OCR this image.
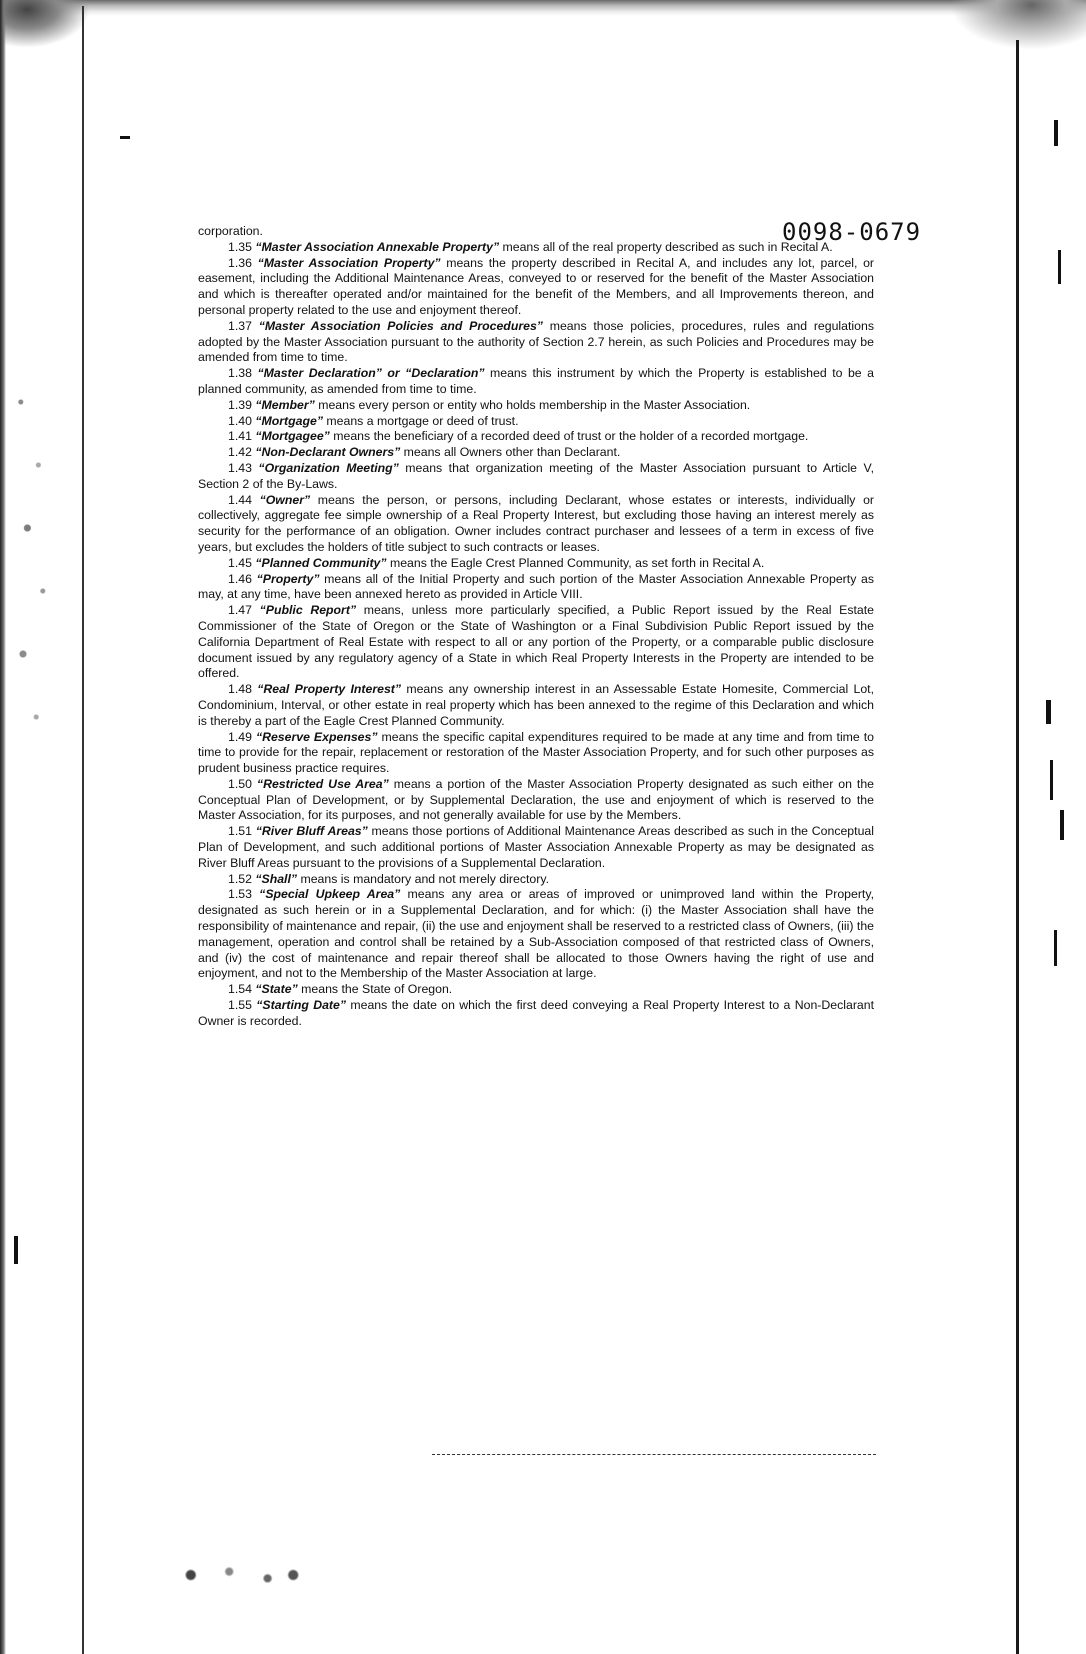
0098-0679

corporation.

1.35 “Master Association Annexable Property” means all of the real property described as such in Recital A.

1.36 “Master Association Property” means the property described in Recital A, and includes any lot, parcel, or easement, including the Additional Maintenance Areas, conveyed to or reserved for the benefit of the Master Association and which is thereafter operated and/or maintained for the benefit of the Members, and all Improvements thereon, and personal property related to the use and enjoyment thereof.

1.37 “Master Association Policies and Procedures” means those policies, procedures, rules and regulations adopted by the Master Association pursuant to the authority of Section 2.7 herein, as such Policies and Procedures may be amended from time to time.

1.38 “Master Declaration” or “Declaration” means this instrument by which the Property is established to be a planned community, as amended from time to time.

1.39 “Member” means every person or entity who holds membership in the Master Association.

1.40 “Mortgage” means a mortgage or deed of trust.

1.41 “Mortgagee” means the beneficiary of a recorded deed of trust or the holder of a recorded mortgage.

1.42 “Non-Declarant Owners” means all Owners other than Declarant.

1.43 “Organization Meeting” means that organization meeting of the Master Association pursuant to Article V, Section 2 of the By-Laws.

1.44 “Owner” means the person, or persons, including Declarant, whose estates or interests, individually or collectively, aggregate fee simple ownership of a Real Property Interest, but excluding those having an interest merely as security for the performance of an obligation. Owner includes contract purchaser and lessees of a term in excess of five years, but excludes the holders of title subject to such contracts or leases.

1.45 “Planned Community” means the Eagle Crest Planned Community, as set forth in Recital A.

1.46 “Property” means all of the Initial Property and such portion of the Master Association Annexable Property as may, at any time, have been annexed hereto as provided in Article VIII.

1.47 “Public Report” means, unless more particularly specified, a Public Report issued by the Real Estate Commissioner of the State of Oregon or the State of Washington or a Final Subdivision Public Report issued by the California Department of Real Estate with respect to all or any portion of the Property, or a comparable public disclosure document issued by any regulatory agency of a State in which Real Property Interests in the Property are intended to be offered.

1.48 “Real Property Interest” means any ownership interest in an Assessable Estate Homesite, Commercial Lot, Condominium, Interval, or other estate in real property which has been annexed to the regime of this Declaration and which is thereby a part of the Eagle Crest Planned Community.

1.49 “Reserve Expenses” means the specific capital expenditures required to be made at any time and from time to time to provide for the repair, replacement or restoration of the Master Association Property, and for such other purposes as prudent business practice requires.

1.50 “Restricted Use Area” means a portion of the Master Association Property designated as such either on the Conceptual Plan of Development, or by Supplemental Declaration, the use and enjoyment of which is reserved to the Master Association, for its purposes, and not generally available for use by the Members.

1.51 “River Bluff Areas” means those portions of Additional Maintenance Areas described as such in the Conceptual Plan of Development, and such additional portions of Master Association Annexable Property as may be designated as River Bluff Areas pursuant to the provisions of a Supplemental Declaration.

1.52 “Shall” means is mandatory and not merely directory.

1.53 “Special Upkeep Area” means any area or areas of improved or unimproved land within the Property, designated as such herein or in a Supplemental Declaration, and for which: (i) the Master Association shall have the responsibility of maintenance and repair, (ii) the use and enjoyment shall be reserved to a restricted class of Owners, (iii) the management, operation and control shall be retained by a Sub-Association composed of that restricted class of Owners, and (iv) the cost of maintenance and repair thereof shall be allocated to those Owners having the right of use and enjoyment, and not to the Membership of the Master Association at large.

1.54 “State” means the State of Oregon.

1.55 “Starting Date” means the date on which the first deed conveying a Real Property Interest to a Non-Declarant Owner is recorded.
